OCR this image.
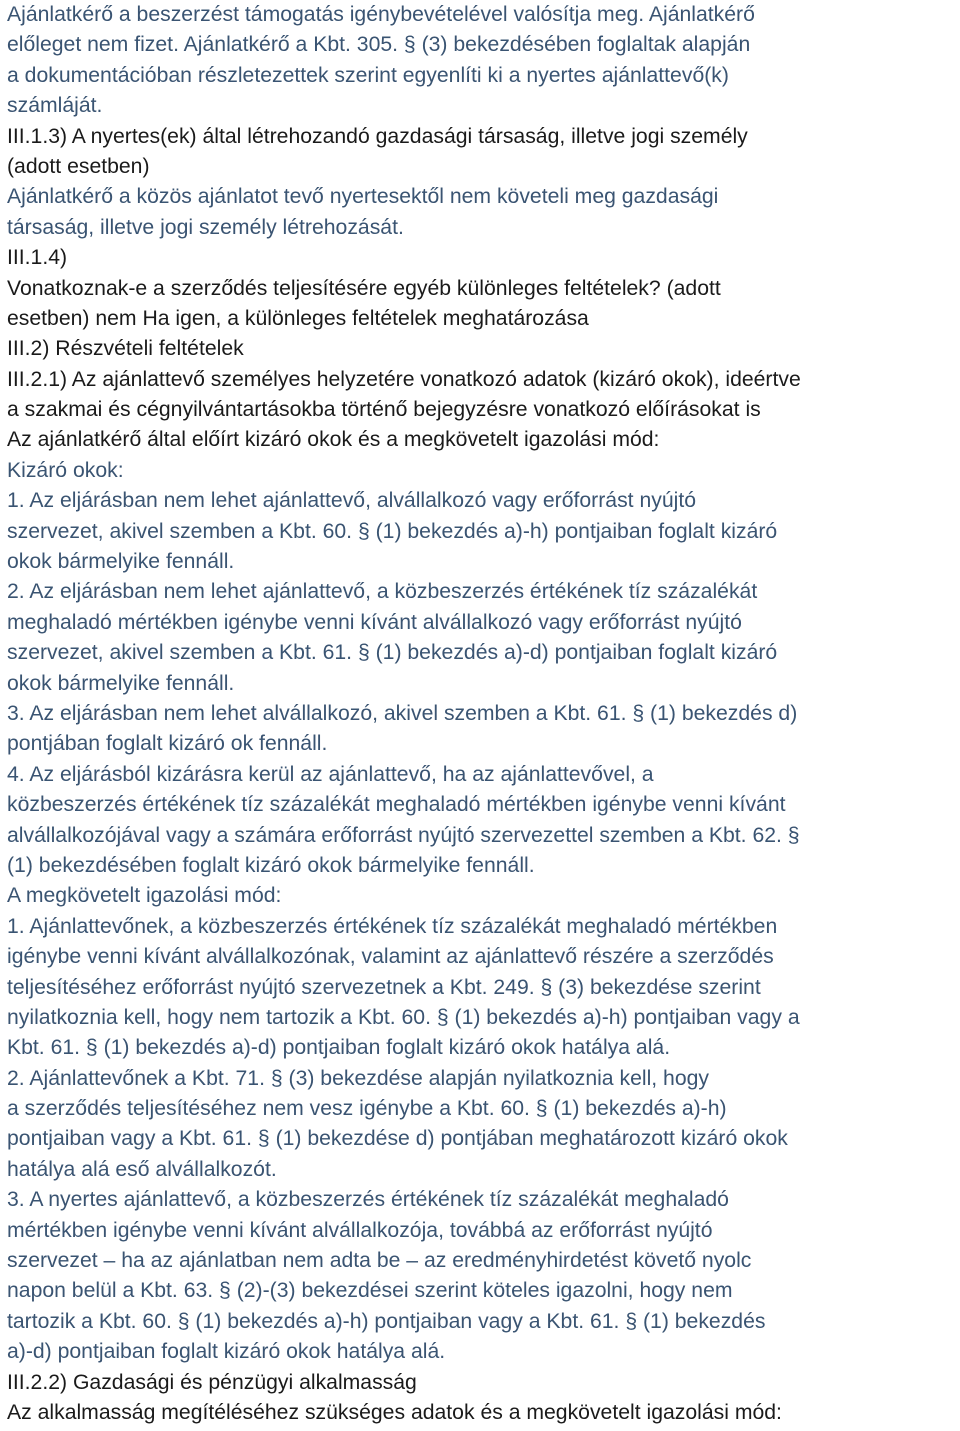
Ajánlatkérő a beszerzést támogatás igénybevételével valósítja meg. Ajánlatkérő
előleget nem fizet. Ajánlatkérő a Kbt. 305. § (3) bekezdésében foglaltak alapján
a dokumentációban részletezettek szerint egyenlíti ki a nyertes ajánlattevő(k)
számláját.
III.1.3) A nyertes(ek) által létrehozandó gazdasági társaság, illetve jogi személy
(adott esetben)
Ajánlatkérő a közös ajánlatot tevő nyertesektől nem követeli meg gazdasági
társaság, illetve jogi személy létrehozását.
III.1.4)
Vonatkoznak-e a szerződés teljesítésére egyéb különleges feltételek? (adott
esetben) nem Ha igen, a különleges feltételek meghatározása
III.2) Részvételi feltételek
III.2.1) Az ajánlattevő személyes helyzetére vonatkozó adatok (kizáró okok), ideértve
a szakmai és cégnyilvántartásokba történő bejegyzésre vonatkozó előírásokat is
Az ajánlatkérő által előírt kizáró okok és a megkövetelt igazolási mód:
Kizáró okok:
1. Az eljárásban nem lehet ajánlattevő, alvállalkozó vagy erőforrást nyújtó
szervezet, akivel szemben a Kbt. 60. § (1) bekezdés a)-h) pontjaiban foglalt kizáró
okok bármelyike fennáll.
2. Az eljárásban nem lehet ajánlattevő, a közbeszerzés értékének tíz százalékát
meghaladó mértékben igénybe venni kívánt alvállalkozó vagy erőforrást nyújtó
szervezet, akivel szemben a Kbt. 61. § (1) bekezdés a)-d) pontjaiban foglalt kizáró
okok bármelyike fennáll.
3. Az eljárásban nem lehet alvállalkozó, akivel szemben a Kbt. 61. § (1) bekezdés d)
pontjában foglalt kizáró ok fennáll.
4. Az eljárásból kizárásra kerül az ajánlattevő, ha az ajánlattevővel, a
közbeszerzés értékének tíz százalékát meghaladó mértékben igénybe venni kívánt
alvállalkozójával vagy a számára erőforrást nyújtó szervezettel szemben a Kbt. 62. §
(1) bekezdésében foglalt kizáró okok bármelyike fennáll.
A megkövetelt igazolási mód:
1. Ajánlattevőnek, a közbeszerzés értékének tíz százalékát meghaladó mértékben
igénybe venni kívánt alvállalkozónak, valamint az ajánlattevő részére a szerződés
teljesítéséhez erőforrást nyújtó szervezetnek a Kbt. 249. § (3) bekezdése szerint
nyilatkoznia kell, hogy nem tartozik a Kbt. 60. § (1) bekezdés a)-h) pontjaiban vagy a
Kbt. 61. § (1) bekezdés a)-d) pontjaiban foglalt kizáró okok hatálya alá.
2. Ajánlattevőnek a Kbt. 71. § (3) bekezdése alapján nyilatkoznia kell, hogy
a szerződés teljesítéséhez nem vesz igénybe a Kbt. 60. § (1) bekezdés a)-h)
pontjaiban vagy a Kbt. 61. § (1) bekezdése d) pontjában meghatározott kizáró okok
hatálya alá eső alvállalkozót.
3. A nyertes ajánlattevő, a közbeszerzés értékének tíz százalékát meghaladó
mértékben igénybe venni kívánt alvállalkozója, továbbá az erőforrást nyújtó
szervezet – ha az ajánlatban nem adta be – az eredményhirdetést követő nyolc
napon belül a Kbt. 63. § (2)-(3) bekezdései szerint köteles igazolni, hogy nem
tartozik a Kbt. 60. § (1) bekezdés a)-h) pontjaiban vagy a Kbt. 61. § (1) bekezdés
a)-d) pontjaiban foglalt kizáró okok hatálya alá.
III.2.2) Gazdasági és pénzügyi alkalmasság
Az alkalmasság megítéléséhez szükséges adatok és a megkövetelt igazolási mód:
